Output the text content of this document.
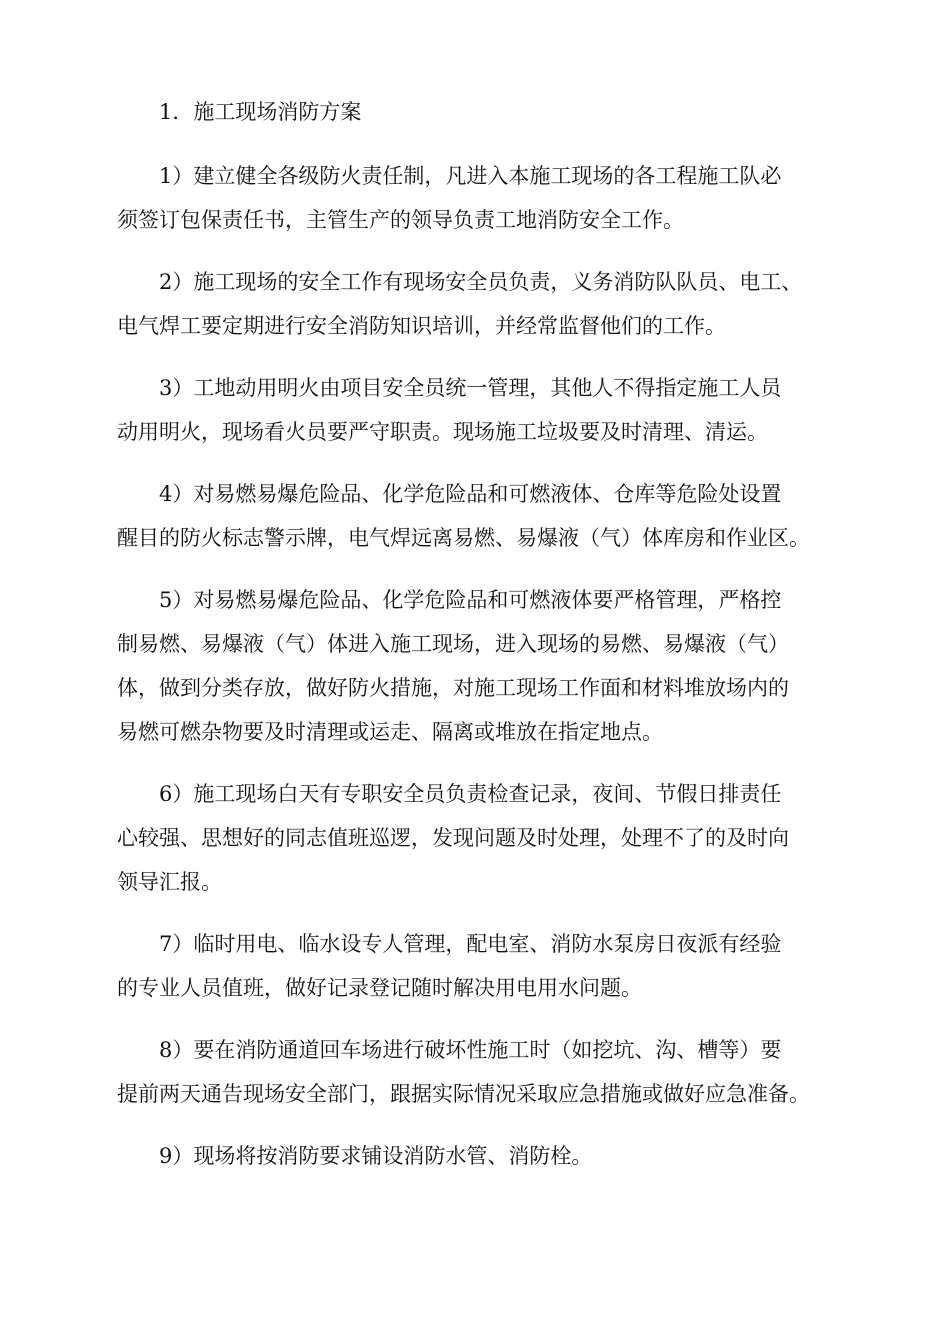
1．施工现场消防方案
1）建立健全各级防火责任制，凡进入本施工现场的各工程施工队必
须签订包保责任书，主管生产的领导负责工地消防安全工作。
2）施工现场的安全工作有现场安全员负责，义务消防队队员、电工、
电气焊工要定期进行安全消防知识培训，并经常监督他们的工作。
3）工地动用明火由项目安全员统一管理，其他人不得指定施工人员
动用明火，现场看火员要严守职责。现场施工垃圾要及时清理、清运。
4）对易燃易爆危险品、化学危险品和可燃液体、仓库等危险处设置
醒目的防火标志警示牌，电气焊远离易燃、易爆液（气）体库房和作业区。
5）对易燃易爆危险品、化学危险品和可燃液体要严格管理，严格控
制易燃、易爆液（气）体进入施工现场，进入现场的易燃、易爆液（气）
体，做到分类存放，做好防火措施，对施工现场工作面和材料堆放场内的
易燃可燃杂物要及时清理或运走、隔离或堆放在指定地点。
6）施工现场白天有专职安全员负责检查记录，夜间、节假日排责任
心较强、思想好的同志值班巡逻，发现问题及时处理，处理不了的及时向
领导汇报。
7）临时用电、临水设专人管理，配电室、消防水泵房日夜派有经验
的专业人员值班，做好记录登记随时解决用电用水问题。
8）要在消防通道回车场进行破坏性施工时（如挖坑、沟、槽等）要
提前两天通告现场安全部门，跟据实际情况采取应急措施或做好应急准备。
9）现场将按消防要求铺设消防水管、消防栓。
